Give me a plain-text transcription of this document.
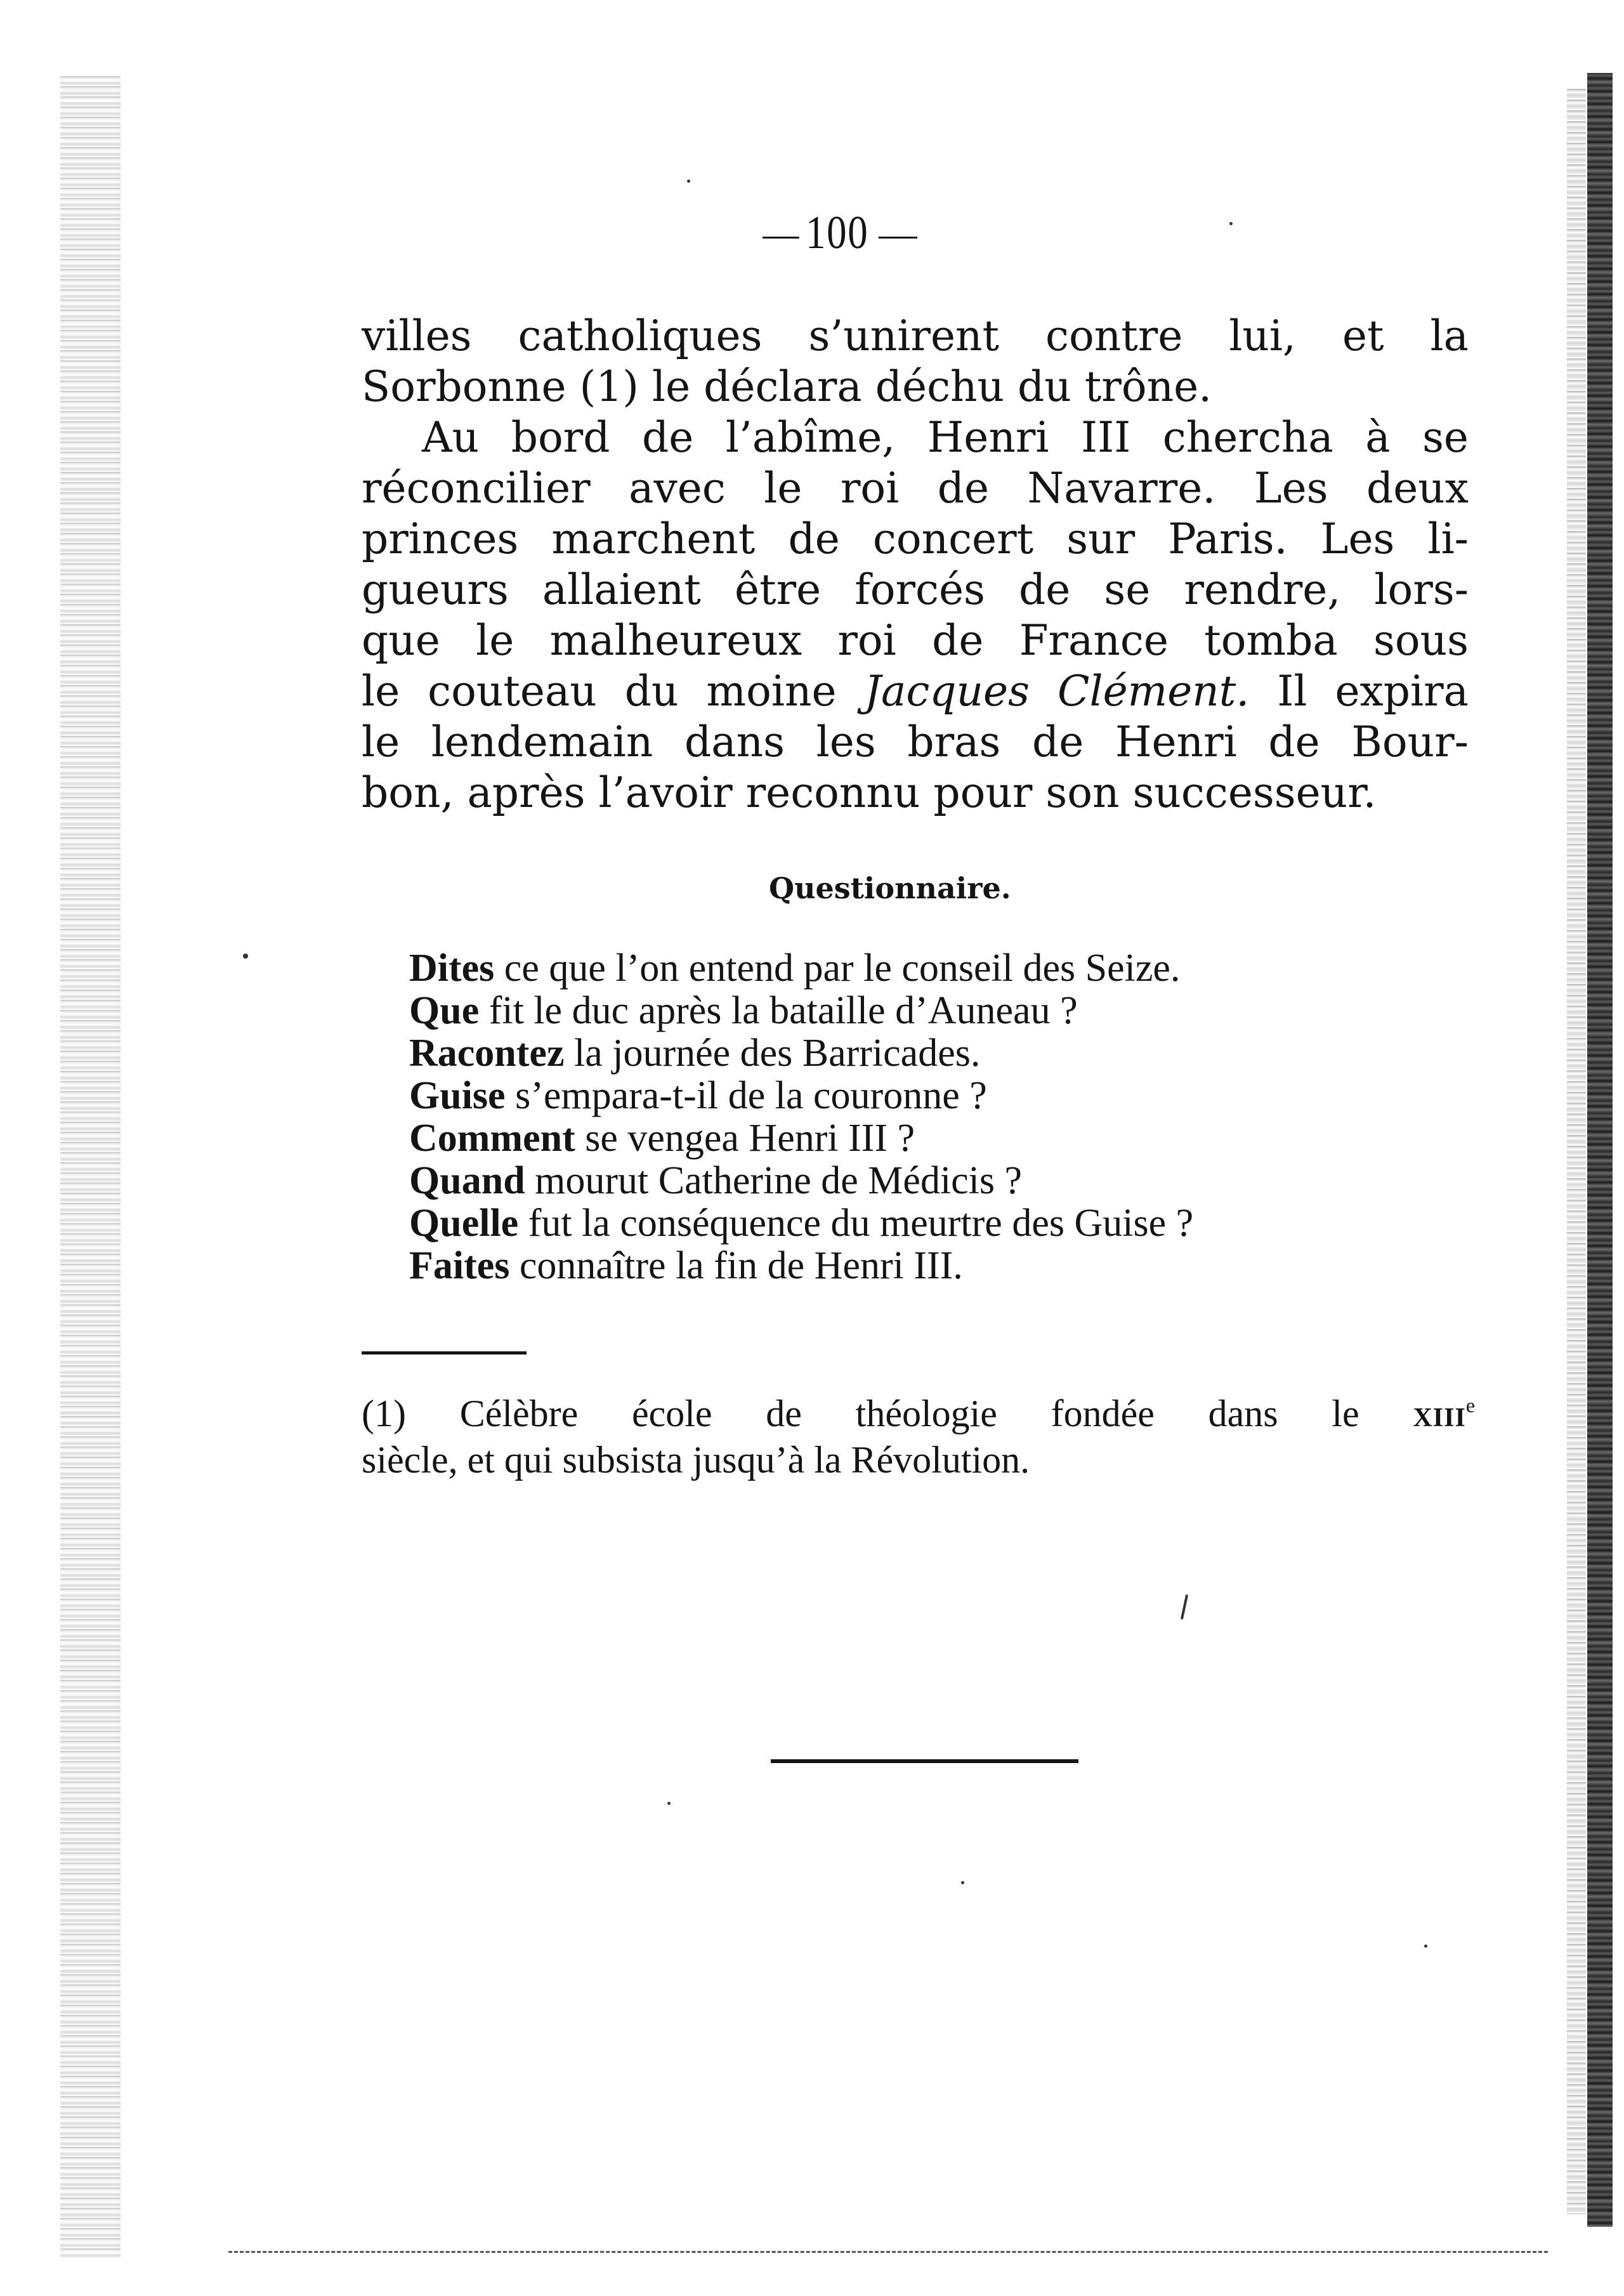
100
villes catholiques s’unirent contre lui, et la
Sorbonne (1) le déclara déchu du trône.
Au bord de l’abîme, Henri III chercha à se
réconcilier avec le roi de Navarre. Les deux
princes marchent de concert sur Paris. Les li-
gueurs allaient être forcés de se rendre, lors-
que le malheureux roi de France tomba sous
le couteau du moine Jacques Clément. Il expira
le lendemain dans les bras de Henri de Bour-
bon, après l’avoir reconnu pour son successeur.
Questionnaire.
Dites ce que l’on entend par le conseil des Seize.
Que fit le duc après la bataille d’Auneau ?
Racontez la journée des Barricades.
Guise s’empara-t-il de la couronne ?
Comment se vengea Henri III ?
Quand mourut Catherine de Médicis ?
Quelle fut la conséquence du meurtre des Guise ?
Faites connaître la fin de Henri III.
(1) Célèbre école de théologie fondée dans le XIIIe
siècle, et qui subsista jusqu’à la Révolution.
